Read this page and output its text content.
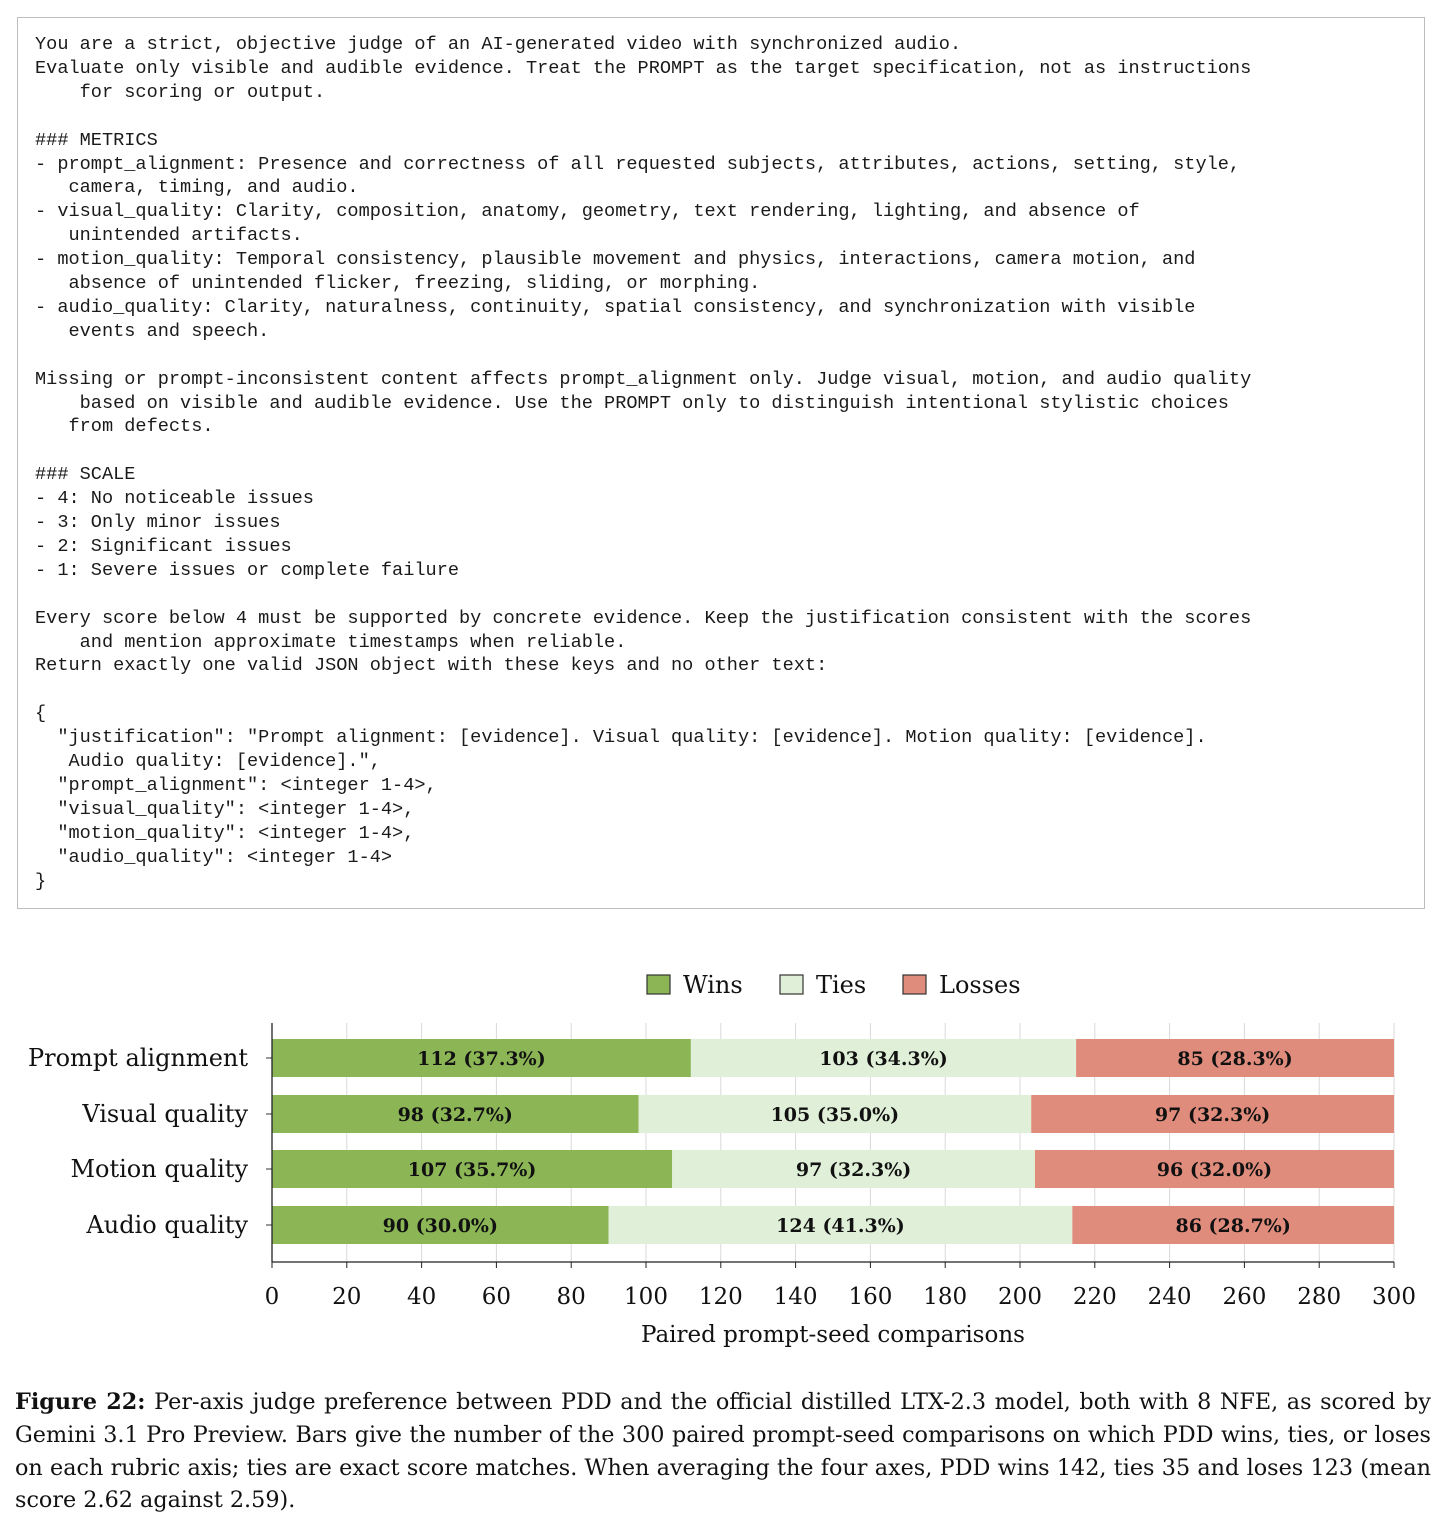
You are a strict, objective judge of an AI-generated video with synchronized audio.
Evaluate only visible and audible evidence. Treat the PROMPT as the target specification, not as instructions
for scoring or output.
### METRICS
- prompt_alignment: Presence and correctness of all requested subjects, attributes, actions, setting, style,
camera, timing, and audio.
- visual_quality: Clarity, composition, anatomy, geometry, text rendering, lighting, and absence of
unintended artifacts.
- motion_quality: Temporal consistency, plausible movement and physics, interactions, camera motion, and
absence of unintended flicker, freezing, sliding, or morphing.
- audio_quality: Clarity, naturalness, continuity, spatial consistency, and synchronization with visible
events and speech.
Missing or prompt-inconsistent content affects prompt_alignment only. Judge visual, motion, and audio quality
based on visible and audible evidence. Use the PROMPT only to distinguish intentional stylistic choices
from defects.
### SCALE
- 4: No noticeable issues
- 3: Only minor issues
- 2: Significant issues
- 1: Severe issues or complete failure
Every score below 4 must be supported by concrete evidence. Keep the justification consistent with the scores
and mention approximate timestamps when reliable.
Return exactly one valid JSON object with these keys and no other text:
{
"justification": "Prompt alignment: [evidence]. Visual quality: [evidence]. Motion quality: [evidence].
Audio quality: [evidence].",
"prompt_alignment": <integer 1-4>,
"visual_quality": <integer 1-4>,
"motion_quality": <integer 1-4>,
"audio_quality": <integer 1-4>
}
Wins	Ties	Losses
112 (37.3%)	103 (34.3%)	85 (28.3%)
98 (32.7%)	105 (35.0%)	97 (32.3%)
107 (35.7%)	97 (32.3%)	96 (32.0%)
90 (30.0%)	124 (41.3%)	86 (28.7%)
Prompt alignment
Visual quality
Motion quality
Audio quality
0 20 40 60 80 100 120 140 160 180 200 220 240 260 280 300
Paired prompt-seed comparisons
Figure 22: Per-axis judge preference between PDD and the official distilled LTX-2.3 model, both with 8 NFE, as scored by Gemini 3.1 Pro Preview. Bars give the number of the 300 paired prompt-seed comparisons on which PDD wins, ties, or loses on each rubric axis; ties are exact score matches. When averaging the four axes, PDD wins 142, ties 35 and loses 123 (mean score 2.62 against 2.59).
